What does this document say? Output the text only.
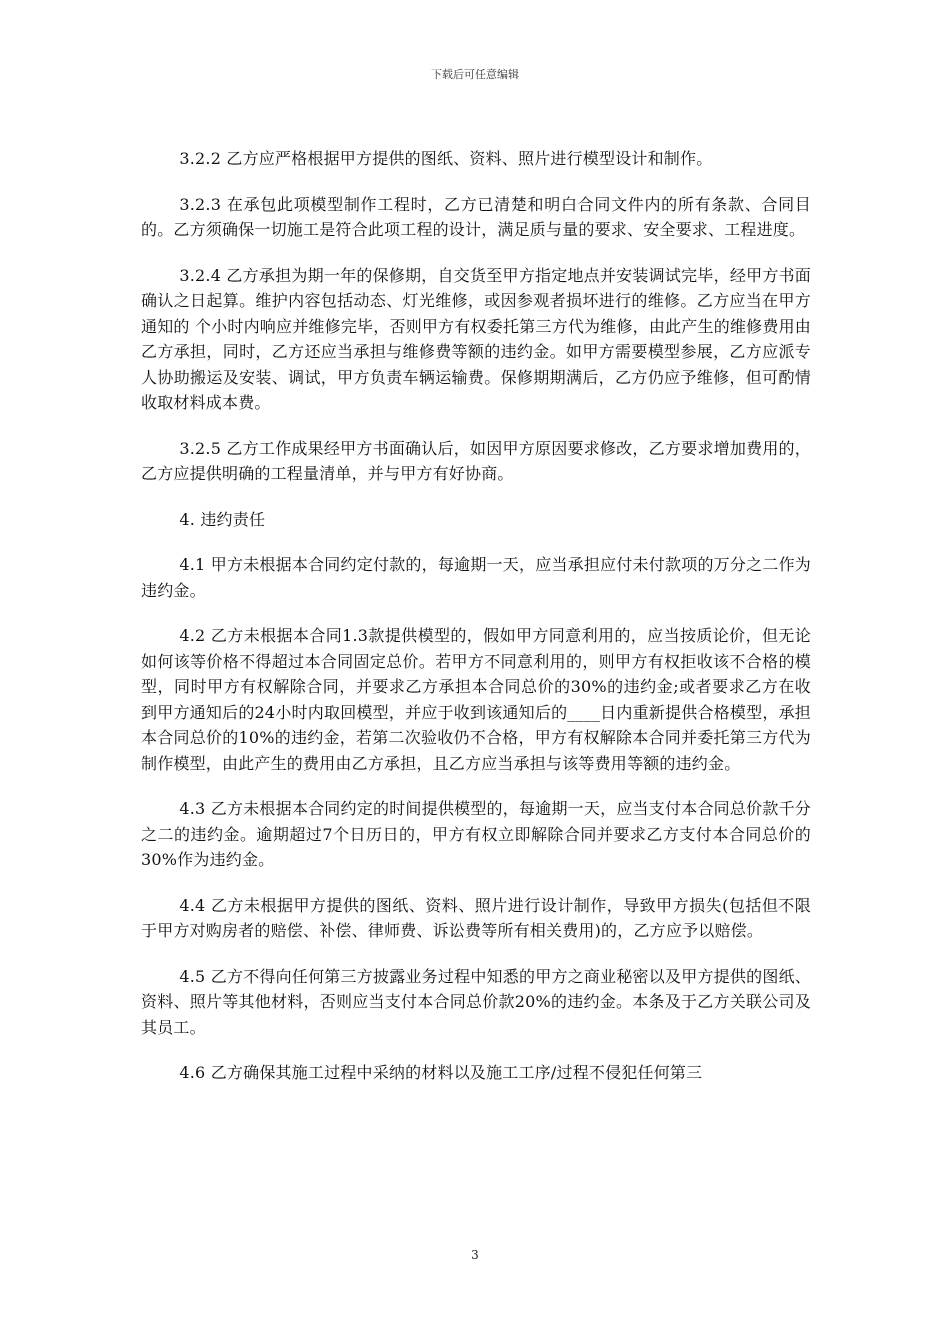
下载后可任意编辑

3.2.2 乙方应严格根据甲方提供的图纸、资料、照片进行模型设计和制作。

3.2.3 在承包此项模型制作工程时，乙方已清楚和明白合同文件内的所有条款、合同目的。乙方须确保一切施工是符合此项工程的设计，满足质与量的要求、安全要求、工程进度。

3.2.4 乙方承担为期一年的保修期，自交货至甲方指定地点并安装调试完毕，经甲方书面确认之日起算。维护内容包括动态、灯光维修，或因参观者损坏进行的维修。乙方应当在甲方通知的 个小时内响应并维修完毕，否则甲方有权委托第三方代为维修，由此产生的维修费用由乙方承担，同时，乙方还应当承担与维修费等额的违约金。如甲方需要模型参展，乙方应派专人协助搬运及安装、调试，甲方负责车辆运输费。保修期期满后，乙方仍应予维修，但可酌情收取材料成本费。

3.2.5 乙方工作成果经甲方书面确认后，如因甲方原因要求修改，乙方要求增加费用的，乙方应提供明确的工程量清单，并与甲方有好协商。

4. 违约责任

4.1 甲方未根据本合同约定付款的，每逾期一天，应当承担应付未付款项的万分之二作为违约金。

4.2 乙方未根据本合同1.3款提供模型的，假如甲方同意利用的，应当按质论价，但无论如何该等价格不得超过本合同固定总价。若甲方不同意利用的，则甲方有权拒收该不合格的模型，同时甲方有权解除合同，并要求乙方承担本合同总价的30%的违约金;或者要求乙方在收到甲方通知后的24小时内取回模型，并应于收到该通知后的____日内重新提供合格模型，承担本合同总价的10%的违约金，若第二次验收仍不合格，甲方有权解除本合同并委托第三方代为制作模型，由此产生的费用由乙方承担，且乙方应当承担与该等费用等额的违约金。

4.3 乙方未根据本合同约定的时间提供模型的，每逾期一天，应当支付本合同总价款千分之二的违约金。逾期超过7个日历日的，甲方有权立即解除合同并要求乙方支付本合同总价的30%作为违约金。

4.4 乙方未根据甲方提供的图纸、资料、照片进行设计制作，导致甲方损失(包括但不限于甲方对购房者的赔偿、补偿、律师费、诉讼费等所有相关费用)的，乙方应予以赔偿。

4.5 乙方不得向任何第三方披露业务过程中知悉的甲方之商业秘密以及甲方提供的图纸、资料、照片等其他材料，否则应当支付本合同总价款20%的违约金。本条及于乙方关联公司及其员工。

4.6 乙方确保其施工过程中采纳的材料以及施工工序/过程不侵犯任何第三

3
